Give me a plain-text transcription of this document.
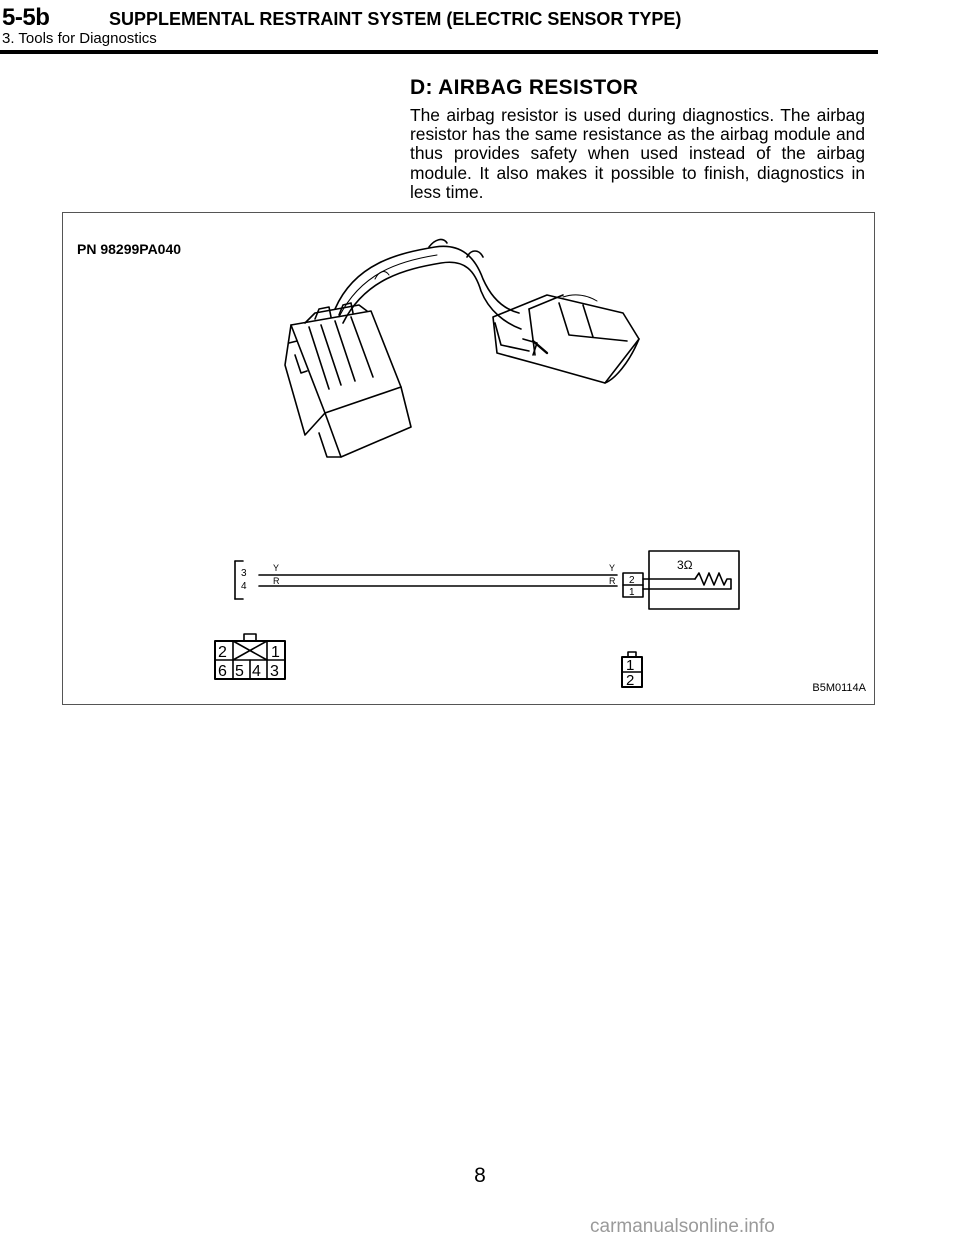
5-5b	SUPPLEMENTAL RESTRAINT SYSTEM (ELECTRIC SENSOR TYPE)
3. Tools for Diagnostics
D: AIRBAG RESISTOR

The airbag resistor is used during diagnostics. The airbag resistor has the same resistance as the airbag module and thus provides safety when used instead of the airbag module. It also makes it possible to finish, diagnostics in less time.

3
4
Y
R
Y
R 2
1
3Ω
2	1
6 5 4 3	1
2
PN 98299PA040
B5M0114A
8
carmanualsonline.info
